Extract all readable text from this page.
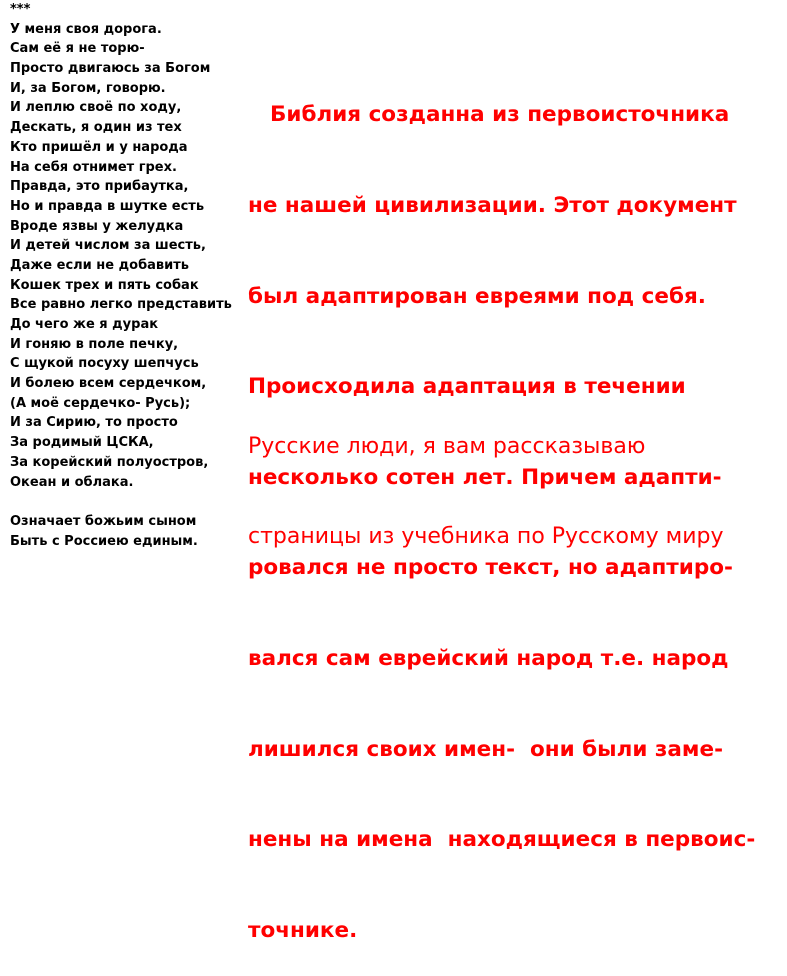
***
У меня своя дорога.
Сам её я не торю-
Просто двигаюсь за Богом
И, за Богом, говорю.
И леплю своё по ходу,
Дескать, я один из тех
Кто пришёл и у народа
На себя отнимет грех.
Правда, это прибаутка,
Но и правда в шутке есть
Вроде язвы у желудка
И детей числом за шесть,
Даже если не добавить
Кошек трех и пять собак
Все равно легко представить
До чего же я дурак
И гоняю в поле печку,
С щукой посуху шепчусь
И болею всем сердечком,
(А моё сердечко- Русь);
И за Сирию, то просто
За родимый ЦСКА,
За корейский полуостров,
Океан и облака.
Означает божьим сыном
Быть с Россиею единым.

Библия созданна из первоисточника

не нашей цивилизации. Этот документ

был адаптирован евреями под себя.

Происходила адаптация в течении

несколько сотен лет. Причем адапти-

ровался не просто текст, но адаптиро-

вался сам еврейский народ т.е. народ

лишился своих имен-  они были заме-

нены на имена  находящиеся в первоис-

точнике.

Русские люди, я вам рассказываю

страницы из учебника по Русскому миру
